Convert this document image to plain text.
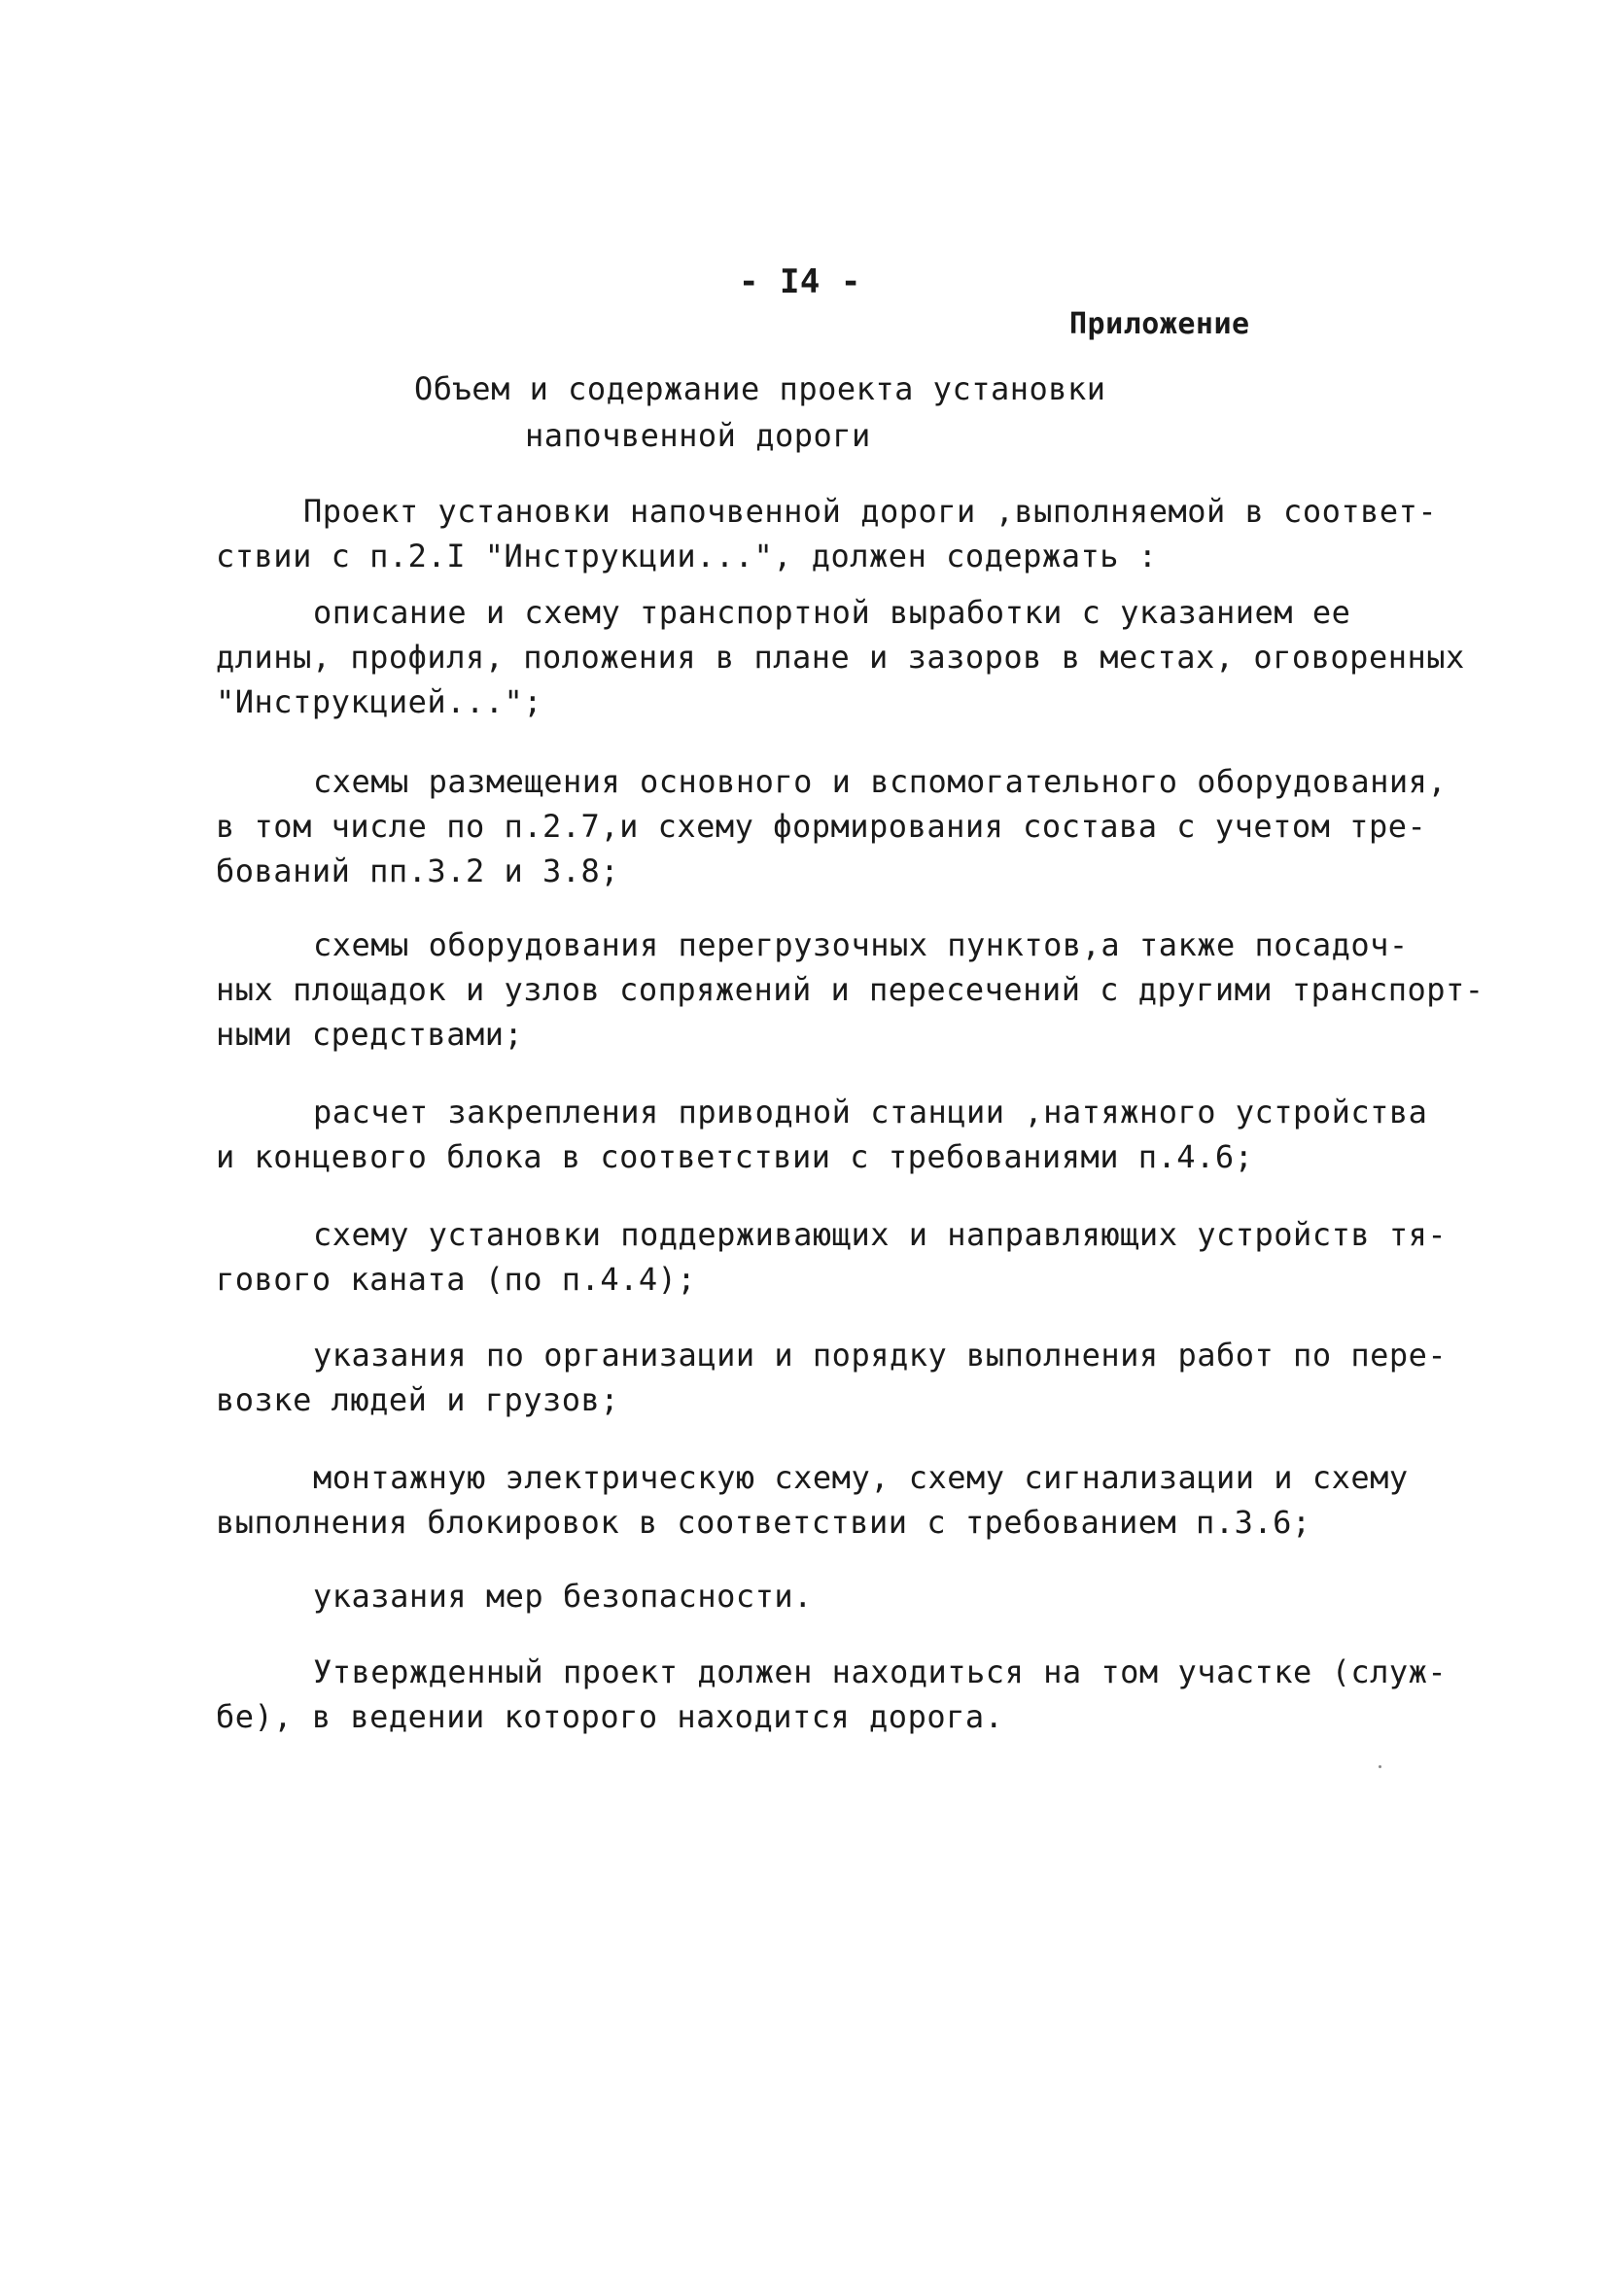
- I4 -
Приложение
Объем и содержание проекта установки
напочвенной дороги
Проект установки напочвенной дороги ,выполняемой в соответ-
ствии с п.2.I "Инструкции...", должен содержать :
описание и схему транспортной выработки с указанием ее
длины, профиля, положения в плане и зазоров в местах, оговоренных
"Инструкцией...";
схемы размещения основного и вспомогательного оборудования,
в том числе по п.2.7,и схему формирования состава с учетом тре-
бований пп.3.2 и 3.8;
схемы оборудования перегрузочных пунктов,а также посадоч-
ных площадок и узлов сопряжений и пересечений с другими транспорт-
ными средствами;
расчет закрепления приводной станции ,натяжного устройства
и концевого блока в соответствии с требованиями п.4.6;
схему установки поддерживающих и направляющих устройств тя-
гового каната (по п.4.4);
указания по организации и порядку выполнения работ по пере-
возке людей и грузов;
монтажную электрическую схему, схему сигнализации и схему
выполнения блокировок в соответствии с требованием п.3.6;
указания мер безопасности.
Утвержденный проект должен находиться на том участке (служ-
бе), в ведении которого находится дорога.
